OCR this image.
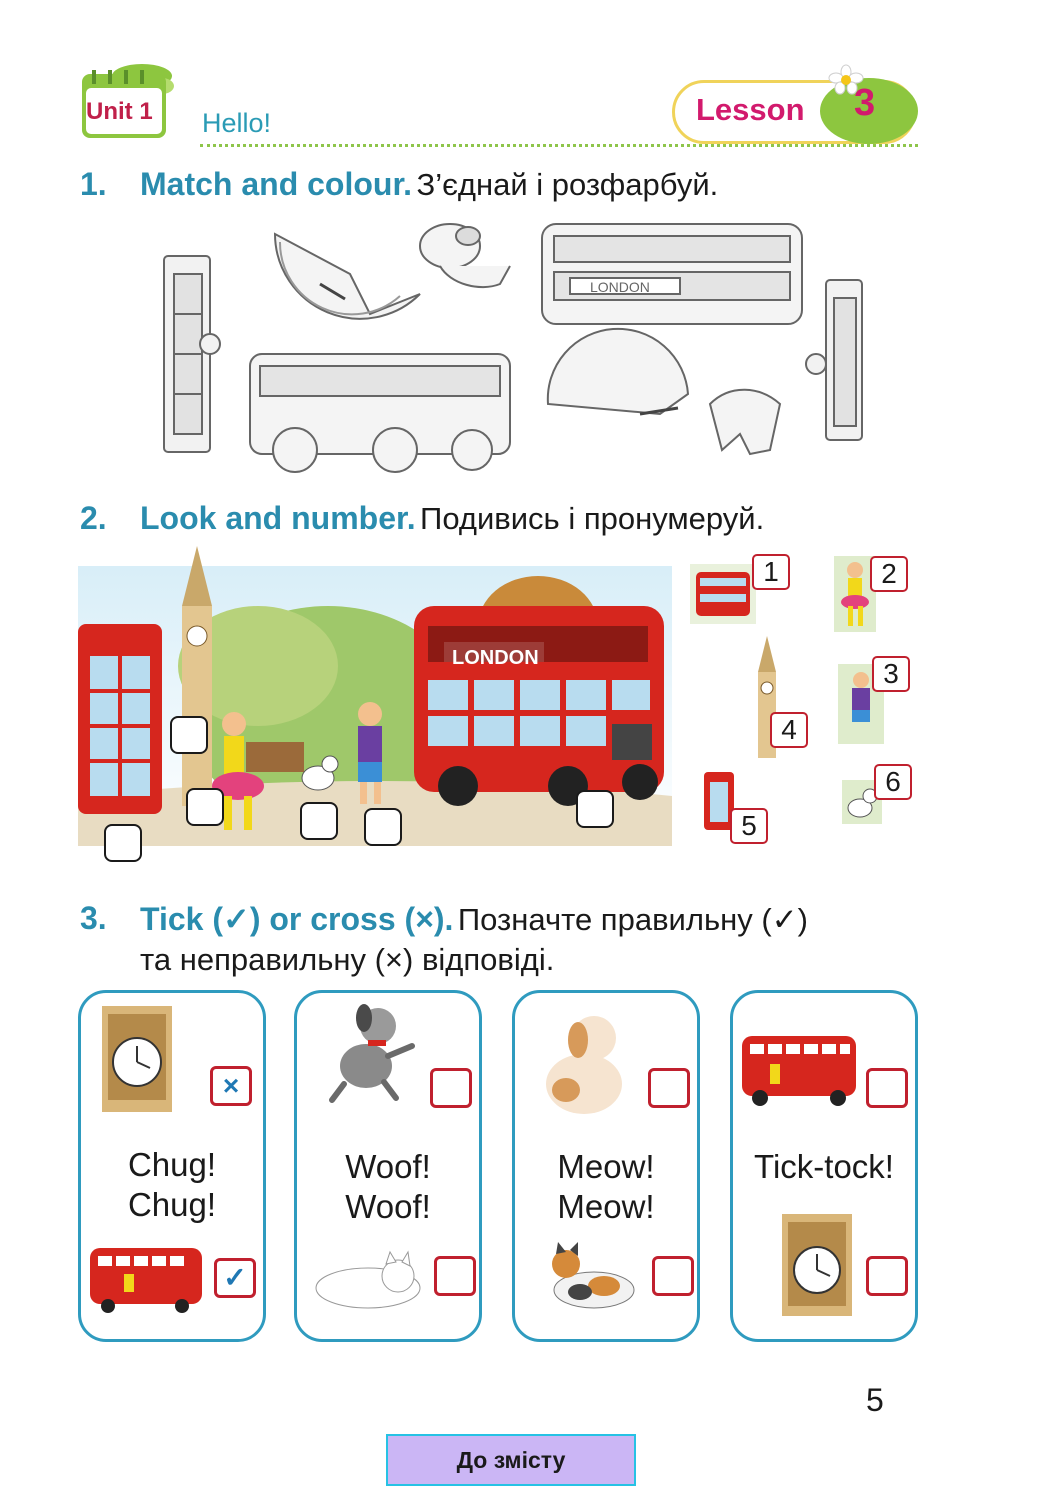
Unit 1 Hello!	Lesson 3
1. Match and colour. З’єднай і розфарбуй.
LONDON
2. Look and number. Подивись і пронумеруй.
LONDON
1	2
3
4
5
6
3. Tick (✓) or cross (×). Позначте правильну (✓)
та неправильну (×) відповіді.
×
Chug!
Chug!
✓
Woof!
Woof!
Meow!
Meow!
Tick-tock!
5
До змісту
